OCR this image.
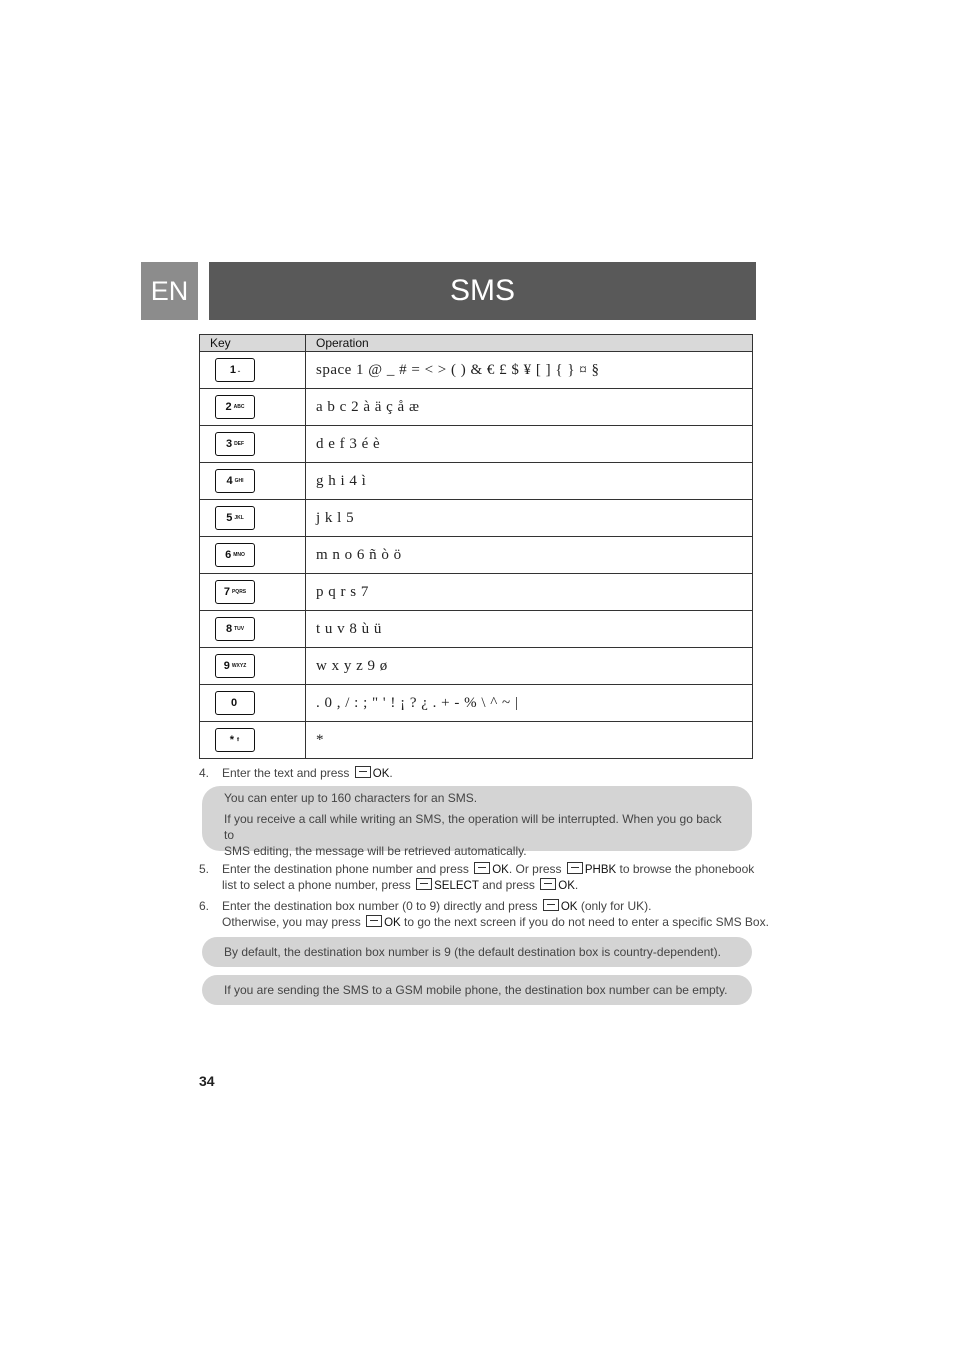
EN	SMS
Key	Operation

1 ⎵	space 1 @ _ # = < > ( ) & € £ $ ¥ [ ] { } ¤ §

2 ABC	a b c 2 à ä ç å æ

3 DEF	d e f 3 é è

4 GHI	g h i 4 ì

5 JKL	j k l 5

6 MNO	m n o 6 ñ ò ö

7 PQRS	p q r s 7

8 TUV	t u v 8 ù ü

9 WXYZ	w x y z 9 ø

0	. 0 , / : ; " ' ! ¡ ? ¿ . + - % \ ^ ~ |

* ⇑	*
4. Enter the text and press OK.
You can enter up to 160 characters for an SMS.
If you receive a call while writing an SMS, the operation will be interrupted. When you go back to
SMS editing, the message will be retrieved automatically.
5. Enter the destination phone number and press OK. Or press PHBK to browse the phonebook
list to select a phone number, press SELECT and press OK.
6. Enter the destination box number (0 to 9) directly and press OK (only for UK).
Otherwise, you may press OK to go the next screen if you do not need to enter a specific SMS Box.
By default, the destination box number is 9 (the default destination box is country-dependent).
If you are sending the SMS to a GSM mobile phone, the destination box number can be empty.
34
